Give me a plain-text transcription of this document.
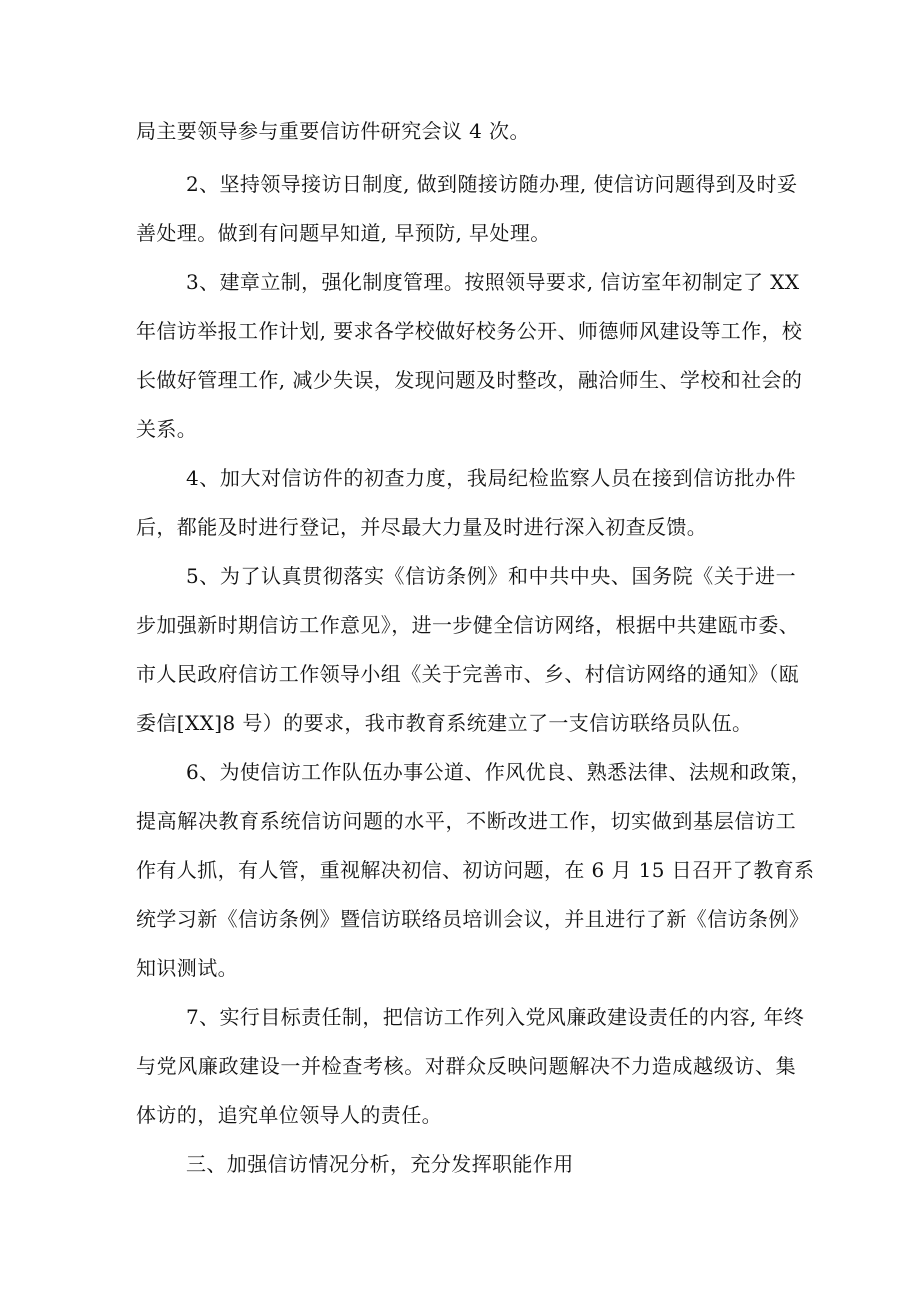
局主要领导参与重要信访件研究会议 4 次。
2、坚持领导接访日制度, 做到随接访随办理, 使信访问题得到及时妥
善处理。做到有问题早知道, 早预防, 早处理。
3、建章立制，强化制度管理。按照领导要求, 信访室年初制定了 XX
年信访举报工作计划, 要求各学校做好校务公开、师德师风建设等工作，校
长做好管理工作, 减少失误，发现问题及时整改，融洽师生、学校和社会的
关系。
4、加大对信访件的初查力度，我局纪检监察人员在接到信访批办件
后，都能及时进行登记，并尽最大力量及时进行深入初查反馈。
5、为了认真贯彻落实《信访条例》和中共中央、国务院《关于进一
步加强新时期信访工作意见》，进一步健全信访网络，根据中共建瓯市委、
市人民政府信访工作领导小组《关于完善市、乡、村信访网络的通知》（瓯
委信[XX]8 号）的要求，我市教育系统建立了一支信访联络员队伍。
6、为使信访工作队伍办事公道、作风优良、熟悉法律、法规和政策，
提高解决教育系统信访问题的水平，不断改进工作，切实做到基层信访工
作有人抓，有人管，重视解决初信、初访问题，在 6 月 15 日召开了教育系
统学习新《信访条例》暨信访联络员培训会议，并且进行了新《信访条例》
知识测试。
7、实行目标责任制，把信访工作列入党风廉政建设责任的内容, 年终
与党风廉政建设一并检查考核。对群众反映问题解决不力造成越级访、集
体访的，追究单位领导人的责任。
三、加强信访情况分析，充分发挥职能作用
